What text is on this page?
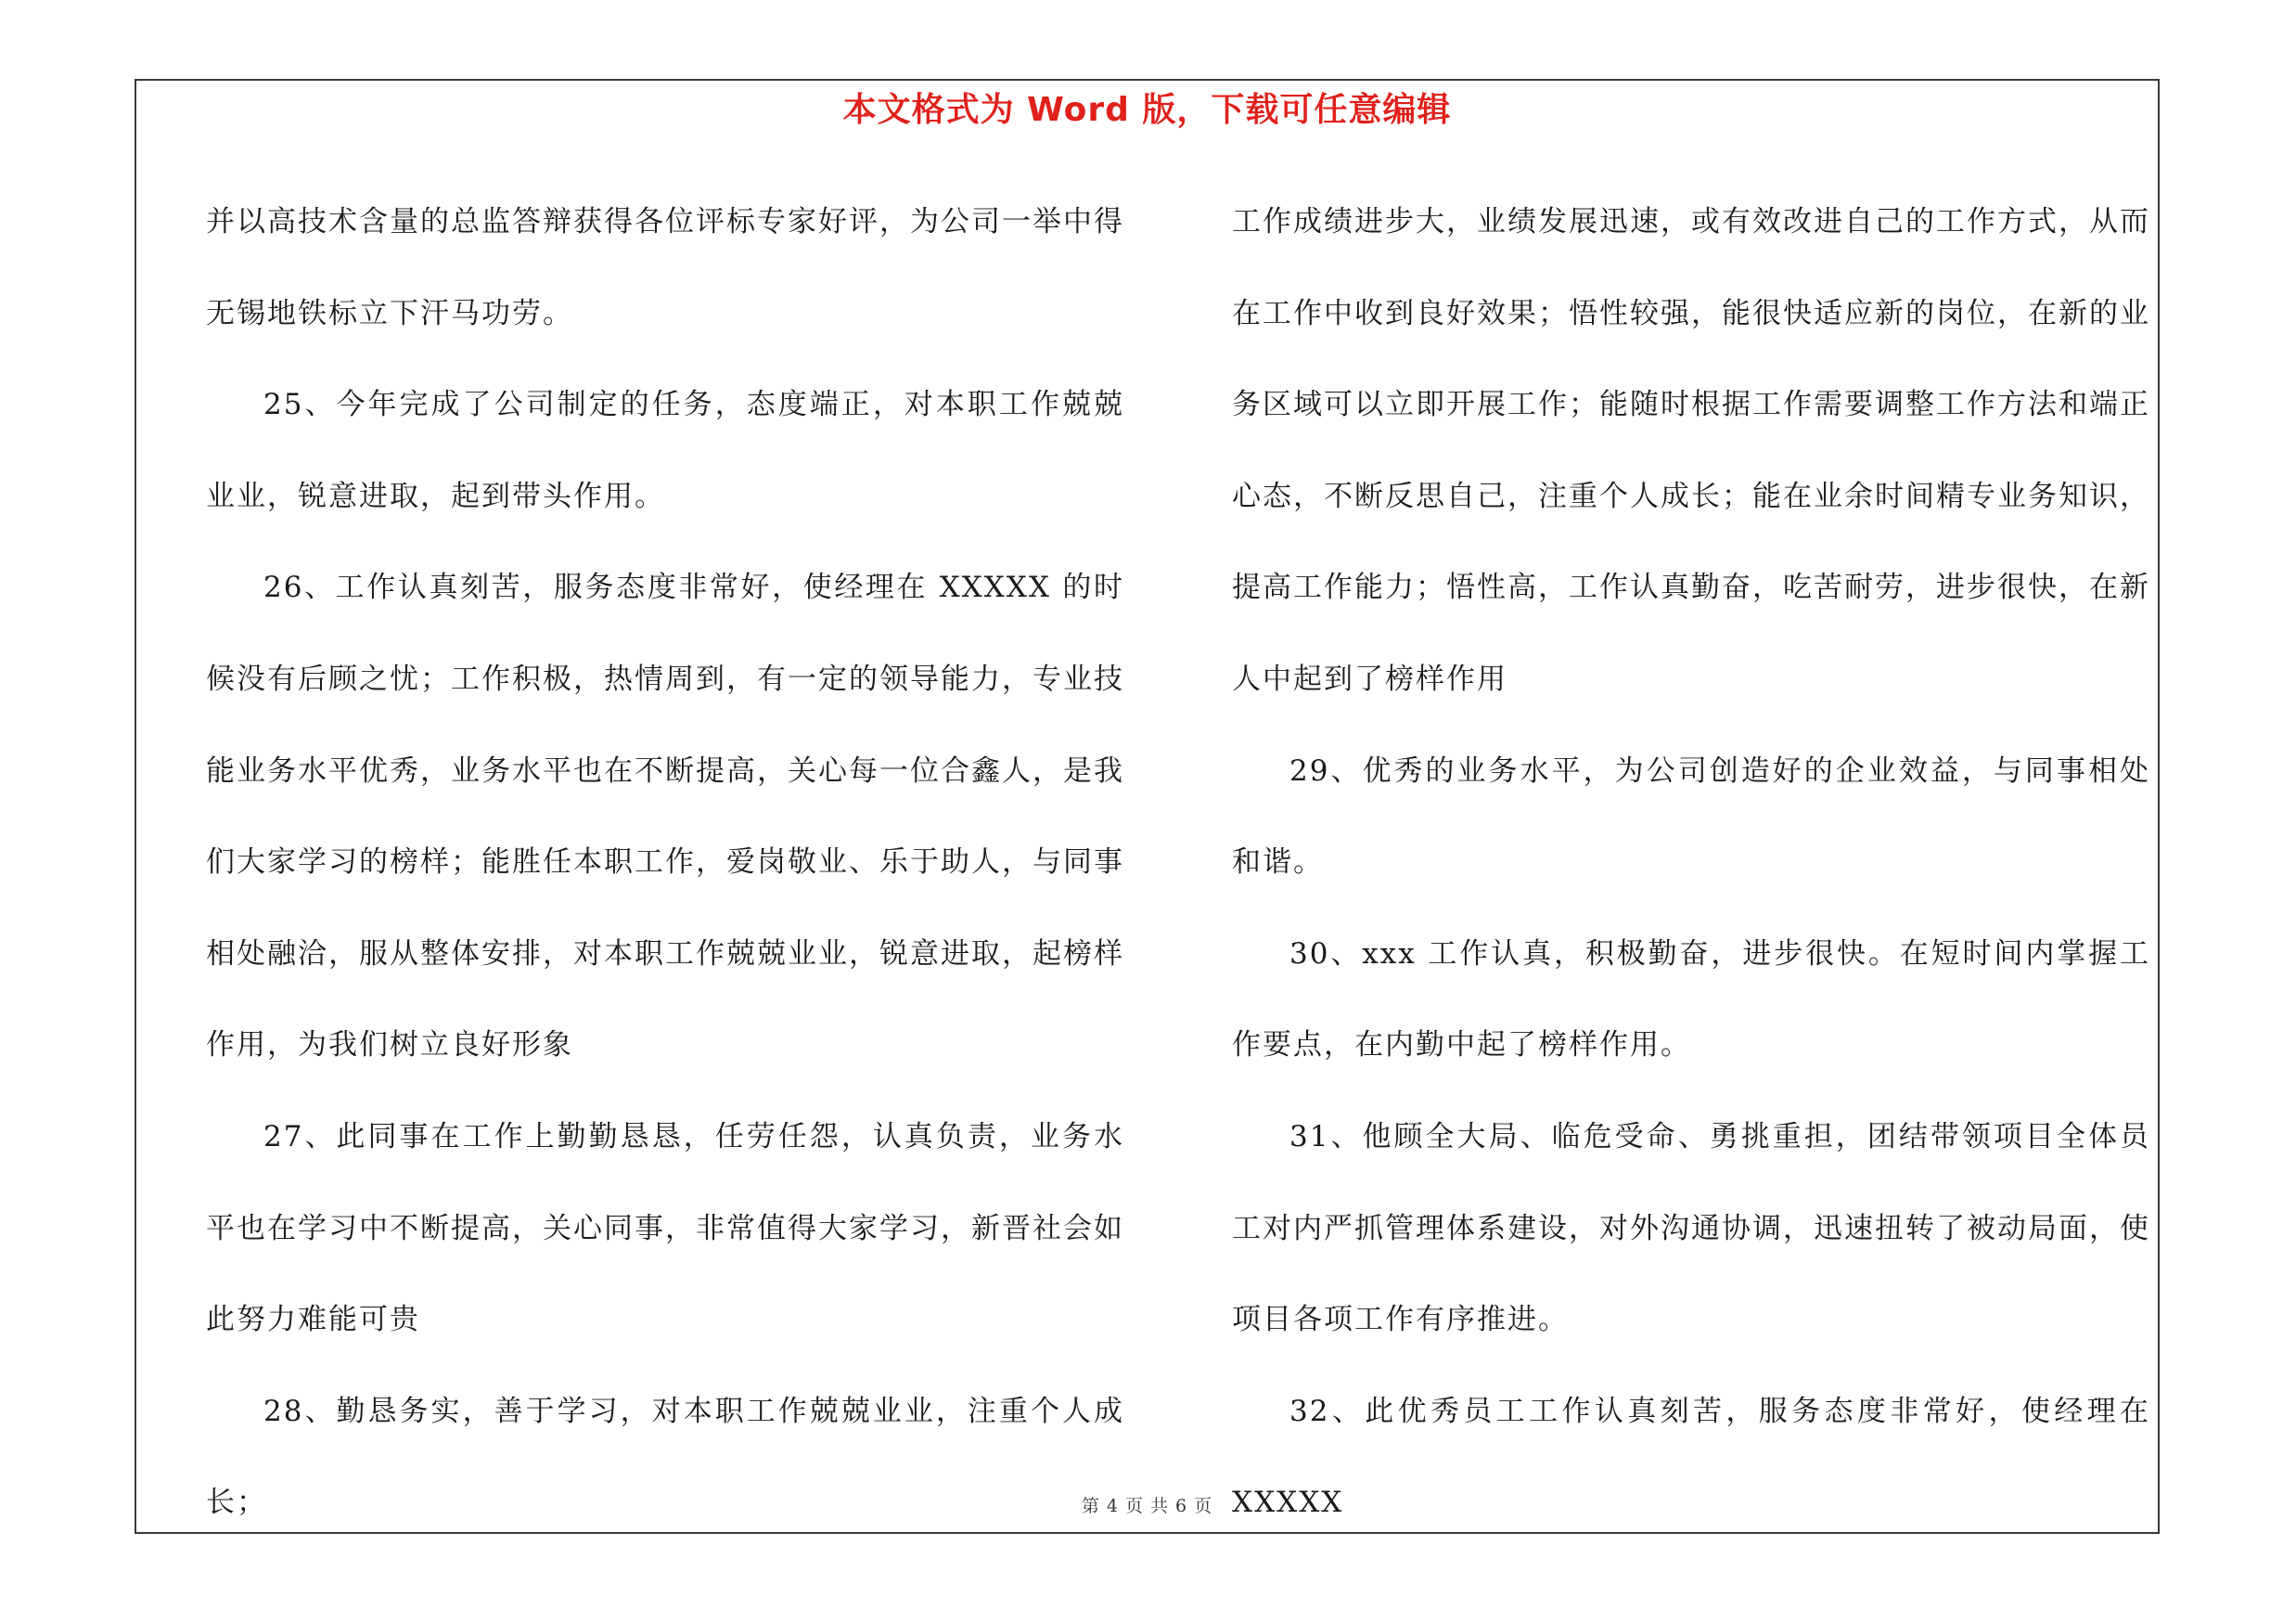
本文格式为 Word 版，下载可任意编辑

并以高技术含量的总监答辩获得各位评标专家好评，为公司一举中得无锡地铁标立下汗马功劳。

25、今年完成了公司制定的任务，态度端正，对本职工作兢兢业业，锐意进取，起到带头作用。

26、工作认真刻苦，服务态度非常好，使经理在 XXXXX 的时候没有后顾之忧；工作积极，热情周到，有一定的领导能力，专业技能业务水平优秀，业务水平也在不断提高，关心每一位合鑫人，是我们大家学习的榜样；能胜任本职工作，爱岗敬业、乐于助人，与同事相处融洽，服从整体安排，对本职工作兢兢业业，锐意进取，起榜样作用，为我们树立良好形象

27、此同事在工作上勤勤恳恳，任劳任怨，认真负责，业务水平也在学习中不断提高，关心同事，非常值得大家学习，新晋社会如此努力难能可贵

28、勤恳务实，善于学习，对本职工作兢兢业业，注重个人成长；

工作成绩进步大，业绩发展迅速，或有效改进自己的工作方式，从而在工作中收到良好效果；悟性较强，能很快适应新的岗位，在新的业务区域可以立即开展工作；能随时根据工作需要调整工作方法和端正心态，不断反思自己，注重个人成长；能在业余时间精专业务知识，提高工作能力；悟性高，工作认真勤奋，吃苦耐劳，进步很快，在新人中起到了榜样作用

29、优秀的业务水平，为公司创造好的企业效益，与同事相处和谐。

30、xxx 工作认真，积极勤奋，进步很快。在短时间内掌握工作要点，在内勤中起了榜样作用。

31、他顾全大局、临危受命、勇挑重担，团结带领项目全体员工对内严抓管理体系建设，对外沟通协调，迅速扭转了被动局面，使项目各项工作有序推进。

32、此优秀员工工作认真刻苦，服务态度非常好，使经理在 XXXXX

第 4 页 共 6 页
